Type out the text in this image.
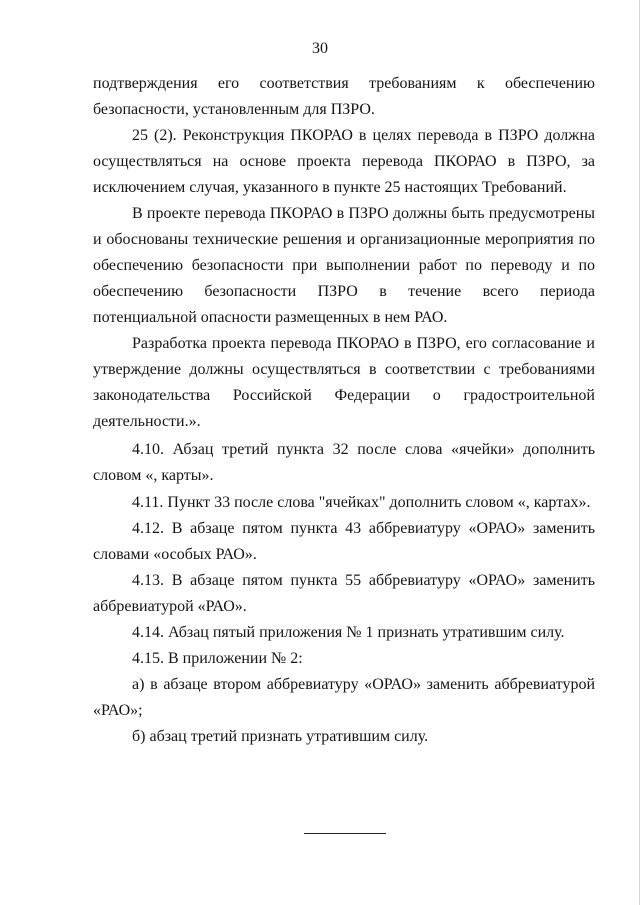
30

подтверждения его соответствия требованиям к обеспечению безопасности, установленным для ПЗРО.

25 (2). Реконструкция ПКОРАО в целях перевода в ПЗРО должна осуществляться на основе проекта перевода ПКОРАО в ПЗРО, за исключением случая, указанного в пункте 25 настоящих Требований.

В проекте перевода ПКОРАО в ПЗРО должны быть предусмотрены и обоснованы технические решения и организационные мероприятия по обеспечению безопасности при выполнении работ по переводу и по обеспечению безопасности ПЗРО в течение всего периода потенциальной опасности размещенных в нем РАО.

Разработка проекта перевода ПКОРАО в ПЗРО, его согласование и утверждение должны осуществляться в соответствии с требованиями законодательства Российской Федерации о градостроительной деятельности.».

4.10. Абзац третий пункта 32 после слова «ячейки» дополнить словом «, карты».

4.11. Пункт 33 после слова "ячейках" дополнить словом «, картах».

4.12. В абзаце пятом пункта 43 аббревиатуру «ОРАО» заменить словами «особых РАО».

4.13. В абзаце пятом пункта 55 аббревиатуру «ОРАО» заменить аббревиатурой «РАО».

4.14. Абзац пятый приложения № 1 признать утратившим силу.

4.15. В приложении № 2:

а) в абзаце втором аббревиатуру «ОРАО» заменить аббревиатурой «РАО»;

б) абзац третий признать утратившим силу.
